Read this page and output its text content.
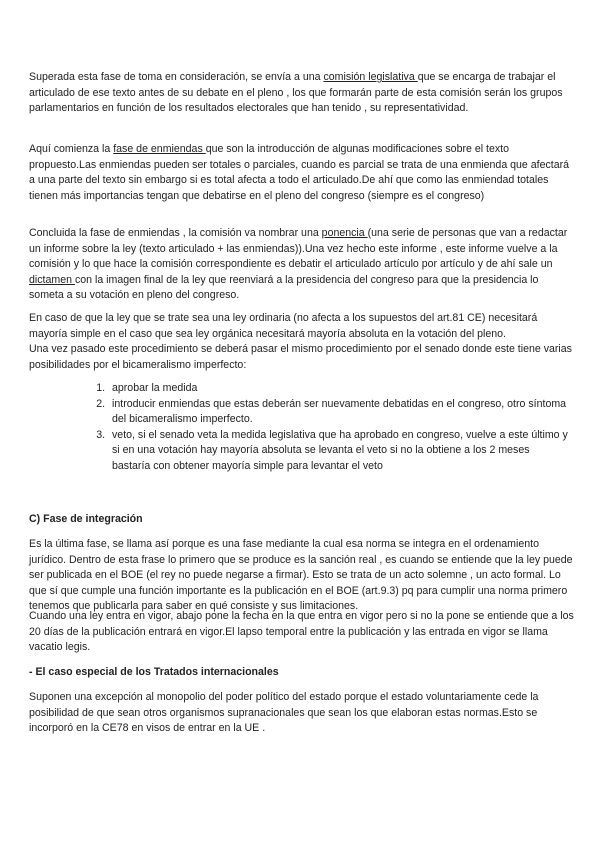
Superada esta fase de toma en consideración, se envía a una comisión legislativa que se encarga de trabajar el articulado de ese texto antes de su debate en el pleno , los que formarán parte de esta comisión serán los grupos parlamentarios en función de los resultados electorales que han tenido , su representatividad.

Aquí comienza la fase de enmiendas que son la introducción de algunas modificaciones sobre el texto propuesto.Las enmiendas pueden ser totales o parciales, cuando es parcial se trata de una enmienda que afectará a una parte del texto sin embargo si es total afecta a todo el articulado.De ahí que como las enmiendad totales tienen más importancias tengan que debatirse en el pleno del congreso (siempre es el congreso)

Concluida la fase de enmiendas , la comisión va nombrar una ponencia (una serie de personas que van a redactar un informe sobre la ley (texto articulado + las enmiendas)).Una vez hecho este informe , este informe vuelve a la comisión y lo que hace la comisión correspondiente es debatir el articulado artículo por artículo y de ahí sale un dictamen con la imagen final de la ley que reenviará a la presidencia del congreso para que la presidencia lo someta a su votación en pleno del congreso.

En caso de que la ley que se trate sea una ley ordinaria (no afecta a los supuestos del art.81 CE) necesitará mayoría simple en el caso que sea ley orgánica necesitará mayoría absoluta en la votación del pleno.

Una vez pasado este procedimiento se deberá pasar el mismo procedimiento por el senado donde este tiene varias posibilidades por el bicameralismo imperfecto:

1. aprobar la medida
2. introducir enmiendas que estas deberán ser nuevamente debatidas en el congreso, otro síntoma del bicameralismo imperfecto.
3. veto, si el senado veta la medida legislativa que ha aprobado en congreso, vuelve a este último y si en una votación hay mayoría absoluta se levanta el veto si no la obtiene a los 2 meses bastaría con obtener mayoría simple para levantar el veto

C) Fase de integración

Es la última fase, se llama así porque es una fase mediante la cual esa norma se integra en el ordenamiento jurídico. Dentro de esta frase lo primero que se produce es la sanción real , es cuando se entiende que la ley puede ser publicada en el BOE (el rey no puede negarse a firmar). Esto se trata de un acto solemne , un acto formal. Lo que sí que cumple una función importante es la publicación en el BOE (art.9.3) pq para cumplir una norma primero tenemos que publicarla para saber en qué consiste y sus limitaciones.

Cuando una ley entra en vigor, abajo pone la fecha en la que entra en vigor pero si no la pone se entiende que a los 20 días de la publicación entrará en vigor.El lapso temporal entre la publicación y las entrada en vigor se llama vacatio legis.

- El caso especial de los Tratados internacionales

Suponen una excepción al monopolio del poder político del estado porque el estado voluntariamente cede la posibilidad de que sean otros organismos supranacionales que sean los que elaboran estas normas.Esto se incorporó en la CE78 en visos de entrar en la UE .
